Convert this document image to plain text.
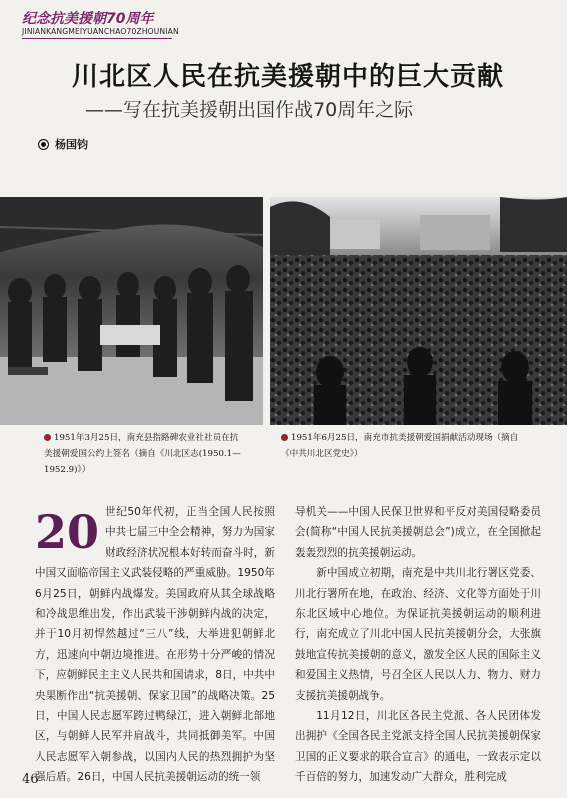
纪念抗美援朝70周年
JINIANKANGMEIYUANCHAO70ZHOUNIAN
川北区人民在抗美援朝中的巨大贡献
——写在抗美援朝出国作战70周年之际
杨国钧
1951年3月25日，南充县指路碑农业社社员在抗
美援朝爱国公约上签名（摘自《川北区志(1950.1—
1952.9)》）
1951年6月25日，南充市抗美援朝爱国捐献活动现场（摘自
《中共川北区党史》）

20 世纪50年代初，正当全国人民按照中共七届三中全会精神，努力为国家财政经济状况根本好转而奋斗时，新中国又面临帝国主义武装侵略的严重威胁。1950年6月25日，朝鲜内战爆发。美国政府从其全球战略和冷战思维出发，作出武装干涉朝鲜内战的决定，并于10月初悍然越过“三八”线，大举进犯朝鲜北方，迅速向中朝边境推进。在形势十分严峻的情况下，应朝鲜民主主义人民共和国请求，8日，中共中央果断作出“抗美援朝、保家卫国”的战略决策。25日，中国人民志愿军跨过鸭绿江，进入朝鲜北部地区，与朝鲜人民军并肩战斗，共同抵御美军。中国人民志愿军入朝参战，以国内人民的热烈拥护为坚强后盾。26日，中国人民抗美援朝运动的统一领

导机关——中国人民保卫世界和平反对美国侵略委员会(简称“中国人民抗美援朝总会”)成立，在全国掀起轰轰烈烈的抗美援朝运动。

新中国成立初期，南充是中共川北行署区党委、川北行署所在地，在政治、经济、文化等方面处于川东北区域中心地位。为保证抗美援朝运动的顺利进行，南充成立了川北中国人民抗美援朝分会，大张旗鼓地宣传抗美援朝的意义，激发全区人民的国际主义和爱国主义热情，号召全区人民以人力、物力、财力支援抗美援朝战争。

11月12日，川北区各民主党派、各人民团体发出拥护《全国各民主党派支持全国人民抗美援朝保家卫国的正义要求的联合宣言》的通电，一致表示定以千百倍的努力，加速发动广大群众，胜利完成

46
